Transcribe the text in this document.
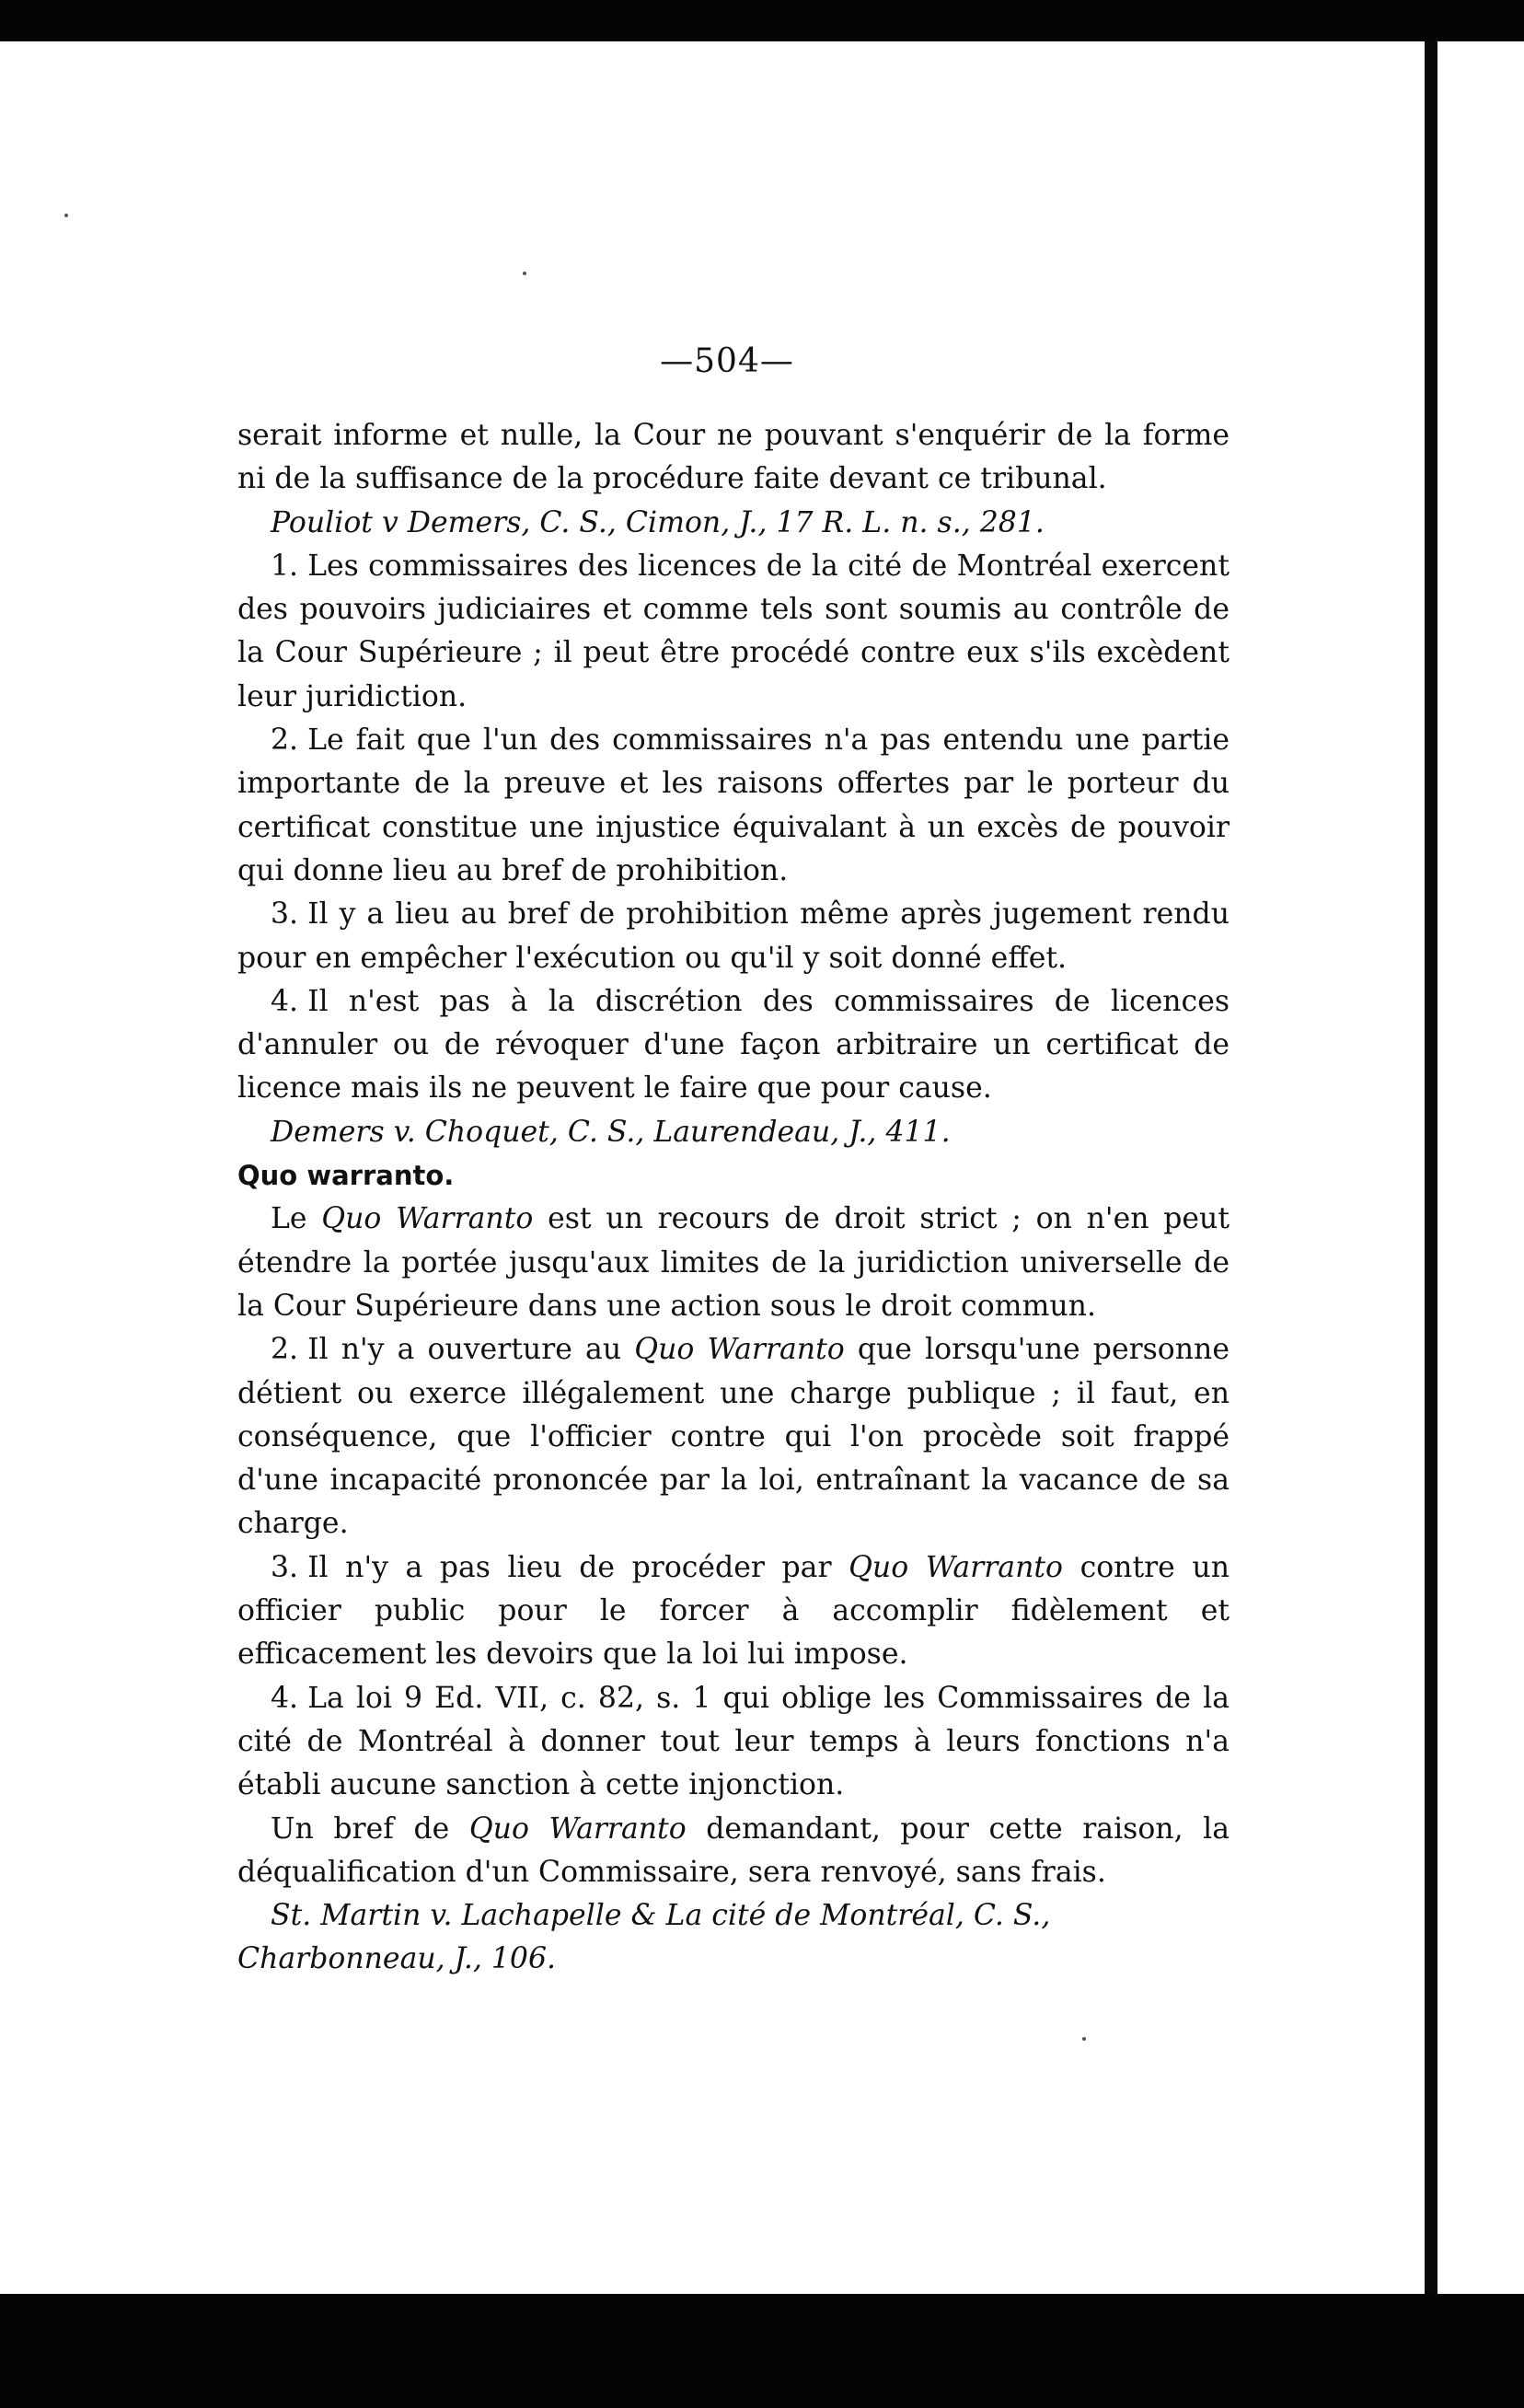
—504—

serait informe et nulle, la Cour ne pouvant s'enquérir de la forme ni de la suffisance de la procédure faite devant ce tribunal.

Pouliot v Demers, C. S., Cimon, J., 17 R. L. n. s., 281.

1. Les commissaires des licences de la cité de Montréal exercent des pouvoirs judiciaires et comme tels sont soumis au contrôle de la Cour Supérieure ; il peut être procédé contre eux s'ils excèdent leur juridiction.

2. Le fait que l'un des commissaires n'a pas entendu une partie importante de la preuve et les raisons offertes par le porteur du certificat constitue une injustice équivalant à un excès de pouvoir qui donne lieu au bref de prohibition.

3. Il y a lieu au bref de prohibition même après jugement rendu pour en empêcher l'exécution ou qu'il y soit donné effet.

4. Il n'est pas à la discrétion des commissaires de licences d'annuler ou de révoquer d'une façon arbitraire un certificat de licence mais ils ne peuvent le faire que pour cause.

Demers v. Choquet, C. S., Laurendeau, J., 411.

Quo warranto.

Le Quo Warranto est un recours de droit strict ; on n'en peut étendre la portée jusqu'aux limites de la juridiction universelle de la Cour Supérieure dans une action sous le droit commun.

2. Il n'y a ouverture au Quo Warranto que lorsqu'une personne détient ou exerce illégalement une charge publique ; il faut, en conséquence, que l'officier contre qui l'on procède soit frappé d'une incapacité prononcée par la loi, entraînant la vacance de sa charge.

3. Il n'y a pas lieu de procéder par Quo Warranto contre un officier public pour le forcer à accomplir fidèlement et efficacement les devoirs que la loi lui impose.

4. La loi 9 Ed. VII, c. 82, s. 1 qui oblige les Commissaires de la cité de Montréal à donner tout leur temps à leurs fonctions n'a établi aucune sanction à cette injonction.

Un bref de Quo Warranto demandant, pour cette raison, la déqualification d'un Commissaire, sera renvoyé, sans frais.

St. Martin v. Lachapelle & La cité de Montréal, C. S., Charbonneau, J., 106.
